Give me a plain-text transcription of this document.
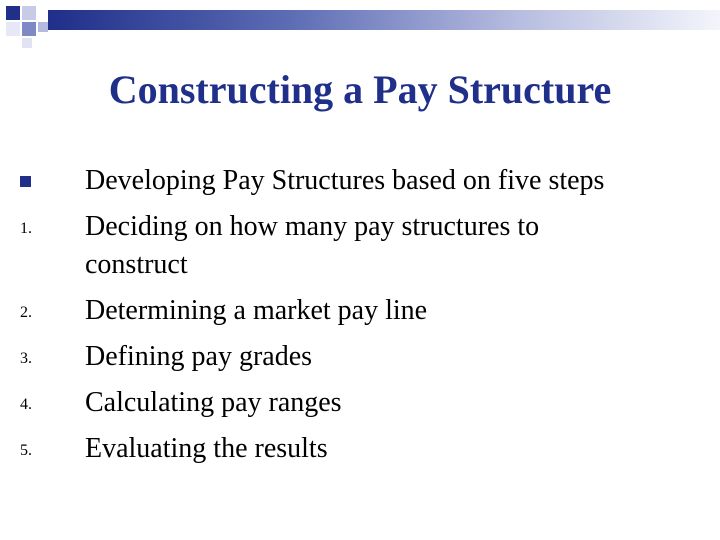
Constructing a Pay Structure
Developing Pay Structures based on five steps
1. Deciding on how many pay structures to
construct
2. Determining a market pay line
3. Defining pay grades
4. Calculating pay ranges
5. Evaluating the results
